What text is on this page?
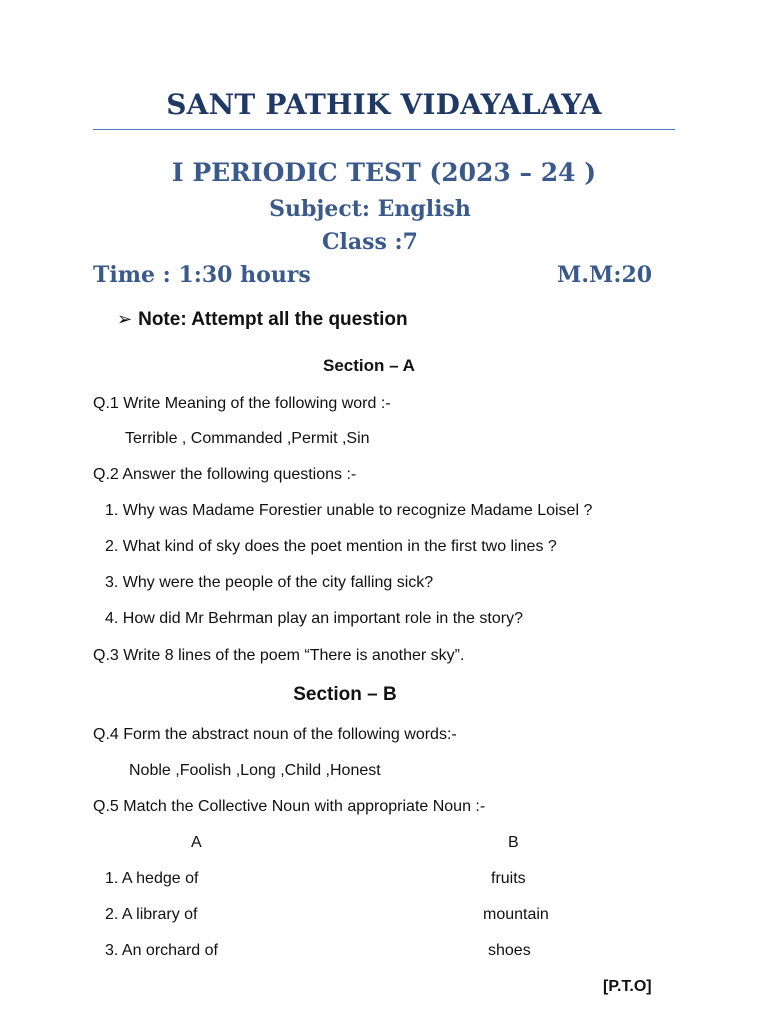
SANT PATHIK VIDAYALAYA
I PERIODIC TEST (2023 – 24 )
Subject: English
Class :7
Time : 1:30 hours	M.M:20
➢ Note: Attempt all the question
Section – A
Q.1 Write Meaning of the following word :-
Terrible , Commanded ,Permit ,Sin
Q.2 Answer the following questions :-
1. Why was Madame Forestier unable to recognize Madame Loisel ?
2. What kind of sky does the poet mention in the first two lines ?
3. Why were the people of the city falling sick?
4. How did Mr Behrman play an important role in the story?
Q.3 Write 8 lines of the poem “There is another sky”.
Section – B
Q.4 Form the abstract noun of the following words:-
Noble ,Foolish ,Long ,Child ,Honest
Q.5 Match the Collective Noun with appropriate Noun :-
A	B
1. A hedge of	fruits
2. A library of	mountain
3. An orchard of	shoes
[P.T.O]
